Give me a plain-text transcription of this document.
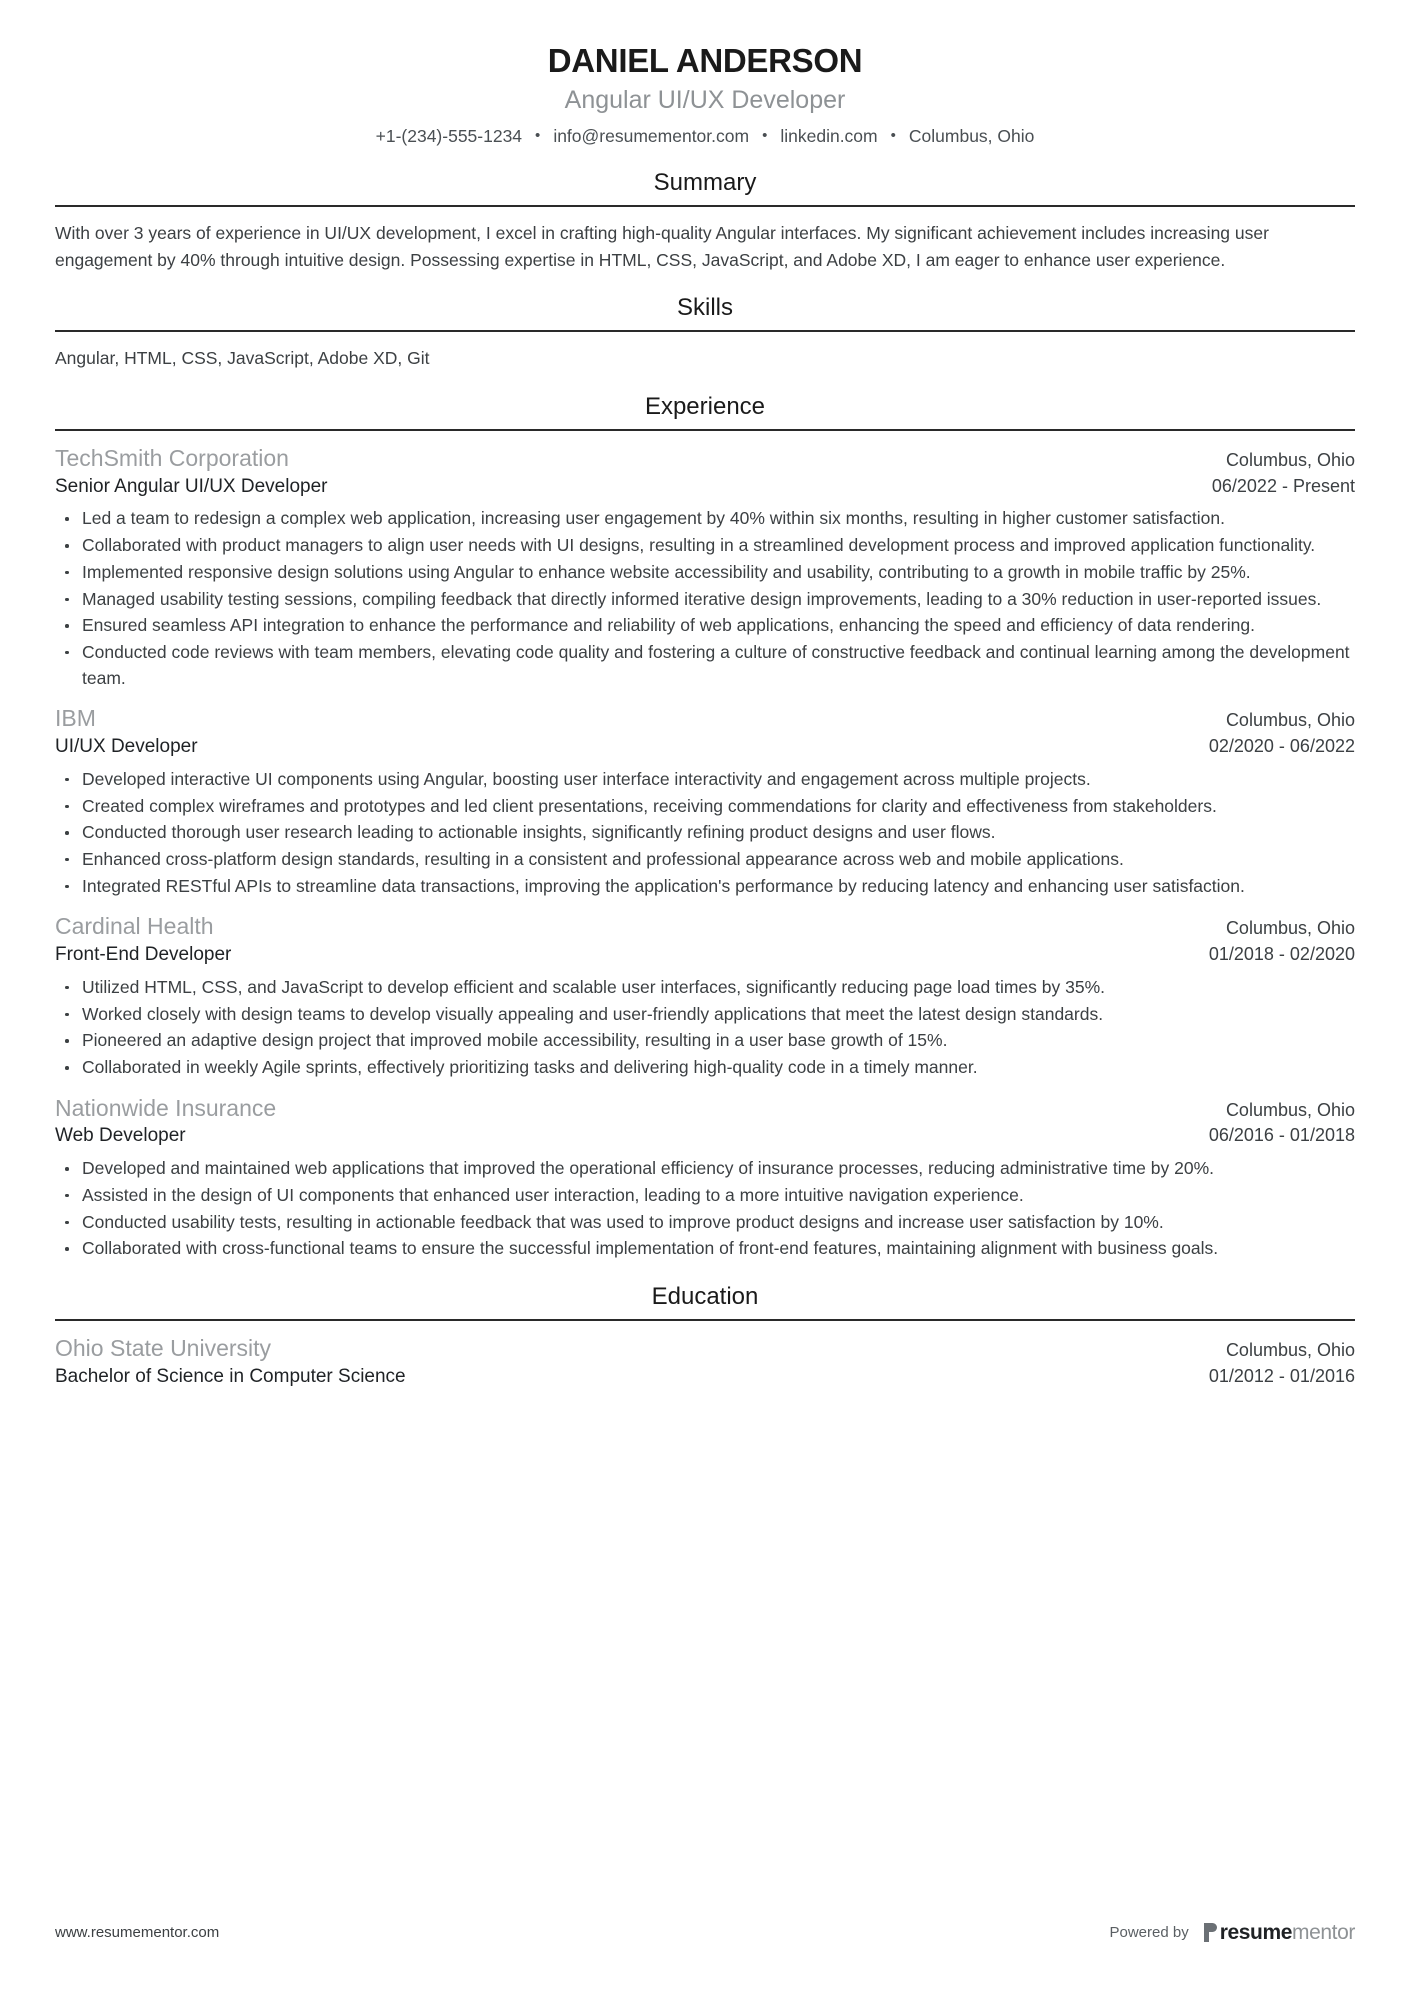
DANIEL ANDERSON
Angular UI/UX Developer
+1-(234)-555-1234 • info@resumementor.com • linkedin.com • Columbus, Ohio
Summary

With over 3 years of experience in UI/UX development, I excel in crafting high-quality Angular interfaces. My significant achievement includes increasing user engagement by 40% through intuitive design. Possessing expertise in HTML, CSS, JavaScript, and Adobe XD, I am eager to enhance user experience.

Skills

Angular, HTML, CSS, JavaScript, Adobe XD, Git

Experience
TechSmith Corporation	Columbus, Ohio
Senior Angular UI/UX Developer	06/2022 - Present
Led a team to redesign a complex web application, increasing user engagement by 40% within six months, resulting in higher customer satisfaction.
Collaborated with product managers to align user needs with UI designs, resulting in a streamlined development process and improved application functionality.
Implemented responsive design solutions using Angular to enhance website accessibility and usability, contributing to a growth in mobile traffic by 25%.
Managed usability testing sessions, compiling feedback that directly informed iterative design improvements, leading to a 30% reduction in user-reported issues.
Ensured seamless API integration to enhance the performance and reliability of web applications, enhancing the speed and efficiency of data rendering.
Conducted code reviews with team members, elevating code quality and fostering a culture of constructive feedback and continual learning among the development team.
IBM	Columbus, Ohio
UI/UX Developer	02/2020 - 06/2022
Developed interactive UI components using Angular, boosting user interface interactivity and engagement across multiple projects.
Created complex wireframes and prototypes and led client presentations, receiving commendations for clarity and effectiveness from stakeholders.
Conducted thorough user research leading to actionable insights, significantly refining product designs and user flows.
Enhanced cross-platform design standards, resulting in a consistent and professional appearance across web and mobile applications.
Integrated RESTful APIs to streamline data transactions, improving the application's performance by reducing latency and enhancing user satisfaction.
Cardinal Health	Columbus, Ohio
Front-End Developer	01/2018 - 02/2020
Utilized HTML, CSS, and JavaScript to develop efficient and scalable user interfaces, significantly reducing page load times by 35%.
Worked closely with design teams to develop visually appealing and user-friendly applications that meet the latest design standards.
Pioneered an adaptive design project that improved mobile accessibility, resulting in a user base growth of 15%.
Collaborated in weekly Agile sprints, effectively prioritizing tasks and delivering high-quality code in a timely manner.
Nationwide Insurance	Columbus, Ohio
Web Developer	06/2016 - 01/2018
Developed and maintained web applications that improved the operational efficiency of insurance processes, reducing administrative time by 20%.
Assisted in the design of UI components that enhanced user interaction, leading to a more intuitive navigation experience.
Conducted usability tests, resulting in actionable feedback that was used to improve product designs and increase user satisfaction by 10%.
Collaborated with cross-functional teams to ensure the successful implementation of front-end features, maintaining alignment with business goals.
Education
Ohio State University	Columbus, Ohio
Bachelor of Science in Computer Science	01/2012 - 01/2016
www.resumementor.com	Powered by resume mentor
